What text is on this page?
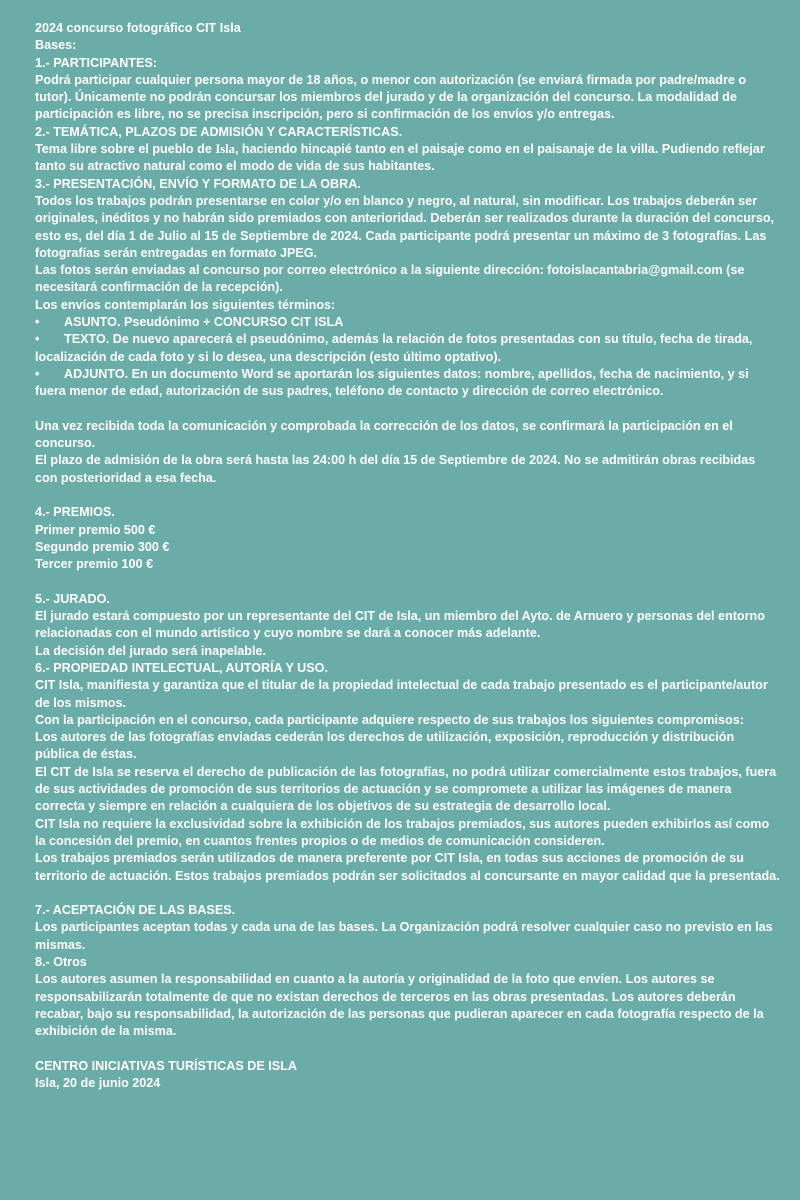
2024 concurso fotográfico CIT Isla

Bases:

1.- PARTICIPANTES:

Podrá participar cualquier persona mayor de 18 años, o menor con autorización (se enviará firmada por padre/madre o tutor). Únicamente no podrán concursar los miembros del jurado y de la organización del concurso. La modalidad de participación es libre, no se precisa inscripción, pero si confirmación de los envíos y/o entregas.

2.- TEMÁTICA, PLAZOS DE ADMISIÓN Y CARACTERÍSTICAS.

Tema libre sobre el pueblo de Isla, haciendo hincapié tanto en el paisaje como en el paisanaje de la villa. Pudiendo reflejar tanto su atractivo natural como el modo de vida de sus habitantes.

3.- PRESENTACIÓN, ENVÍO Y FORMATO DE LA OBRA.

Todos los trabajos podrán presentarse en color y/o en blanco y negro, al natural, sin modificar. Los trabajos deberán ser originales, inéditos y no habrán sido premiados con anterioridad. Deberán ser realizados durante la duración del concurso, esto es, del día 1 de Julio al 15 de Septiembre de 2024. Cada participante podrá presentar un máximo de 3 fotografías. Las fotografías serán entregadas en formato JPEG.

Las fotos serán enviadas al concurso por correo electrónico a la siguiente dirección: fotoislacantabria@gmail.com (se necesitará confirmación de la recepción).

Los envíos contemplarán los siguientes términos:

• ASUNTO. Pseudónimo + CONCURSO CIT ISLA

• TEXTO. De nuevo aparecerá el pseudónimo, además la relación de fotos presentadas con su título, fecha de tirada, localización de cada foto y si lo desea, una descripción (esto último optativo).

• ADJUNTO. En un documento Word se aportarán los siguientes datos: nombre, apellidos, fecha de nacimiento, y si fuera menor de edad, autorización de sus padres, teléfono de contacto y dirección de correo electrónico.

Una vez recibida toda la comunicación y comprobada la corrección de los datos, se confirmará la participación en el concurso.

El plazo de admisión de la obra será hasta las 24:00 h del día 15 de Septiembre de 2024. No se admitirán obras recibidas con posterioridad a esa fecha.

4.- PREMIOS.

Primer premio 500 €

Segundo premio 300 €

Tercer premio 100 €

5.- JURADO.

El jurado estará compuesto por un representante del CIT de Isla, un miembro del Ayto. de Arnuero y personas del entorno relacionadas con el mundo artístico y cuyo nombre se dará a conocer más adelante.

La decisión del jurado será inapelable.

6.- PROPIEDAD INTELECTUAL, AUTORÍA Y USO.

CIT Isla, manifiesta y garantiza que el titular de la propiedad intelectual de cada trabajo presentado es el participante/autor de los mismos.

Con la participación en el concurso, cada participante adquiere respecto de sus trabajos los siguientes compromisos:

Los autores de las fotografías enviadas cederán los derechos de utilización, exposición, reproducción y distribución pública de éstas.

El CIT de Isla se reserva el derecho de publicación de las fotografías, no podrá utilizar comercialmente estos trabajos, fuera de sus actividades de promoción de sus territorios de actuación y se compromete a utilizar las imágenes de manera correcta y siempre en relación a cualquiera de los objetivos de su estrategia de desarrollo local.

CIT Isla no requiere la exclusividad sobre la exhibición de los trabajos premiados, sus autores pueden exhibirlos así como la concesión del premio, en cuantos frentes propios o de medios de comunicación consideren.

Los trabajos premiados serán utilizados de manera preferente por CIT Isla, en todas sus acciones de promoción de su territorio de actuación. Estos trabajos premiados podrán ser solicitados al concursante en mayor calidad que la presentada.

7.- ACEPTACIÓN DE LAS BASES.

Los participantes aceptan todas y cada una de las bases. La Organización podrá resolver cualquier caso no previsto en las mismas.

8.- Otros

Los autores asumen la responsabilidad en cuanto a la autoría y originalidad de la foto que envíen. Los autores se responsabilizarán totalmente de que no existan derechos de terceros en las obras presentadas. Los autores deberán recabar, bajo su responsabilidad, la autorización de las personas que pudieran aparecer en cada fotografía respecto de la exhibición de la misma.

CENTRO INICIATIVAS TURÍSTICAS DE ISLA

Isla, 20 de junio 2024
